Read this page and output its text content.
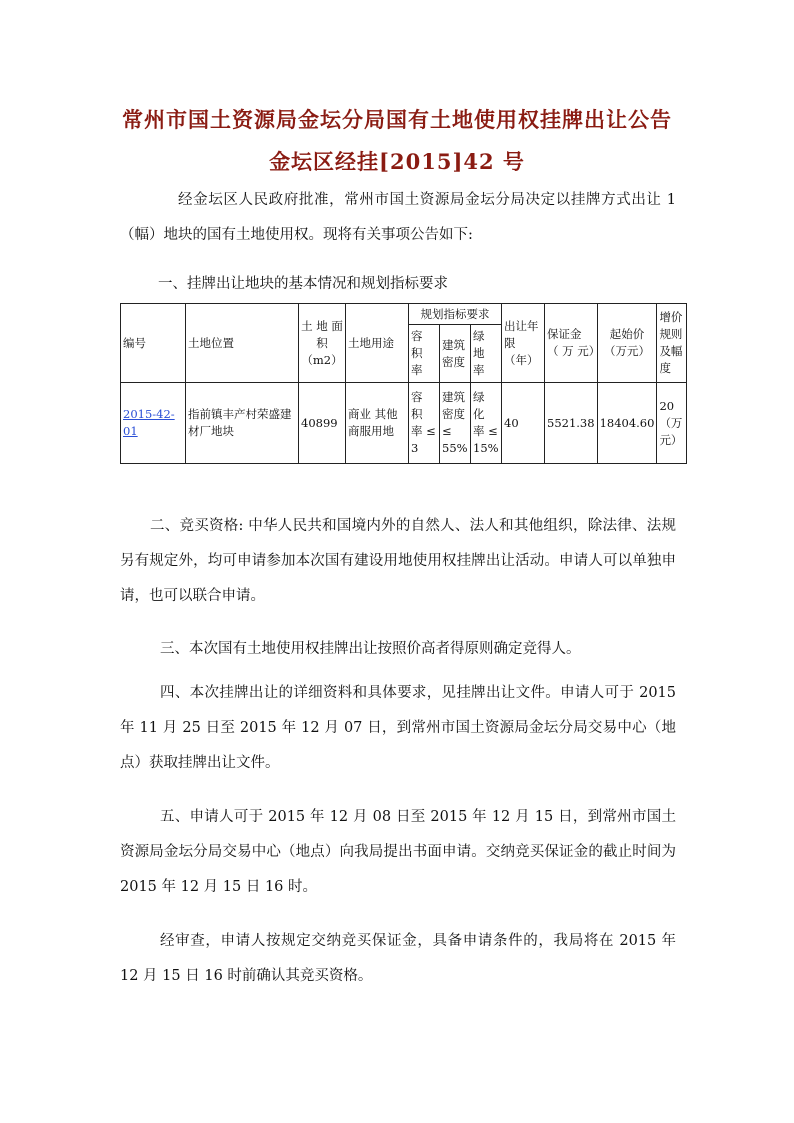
常州市国土资源局金坛分局国有土地使用权挂牌出让公告
金坛区经挂[2015]42 号
经金坛区人民政府批准，常州市国土资源局金坛分局决定以挂牌方式出让 1（幅）地块的国有土地使用权。现将有关事项公告如下:
一、挂牌出让地块的基本情况和规划指标要求
编号	土地位置	土 地 面 积 （m2）	土地用途	规划指标要求			出让年限 （年）	保证金 （ 万 元）	起始价 （万元）	增价规则及幅度
				容 积 率	建筑密度	绿 地 率				
2015-42-01	指前镇丰产村荣盛建材厂地块	40899	商业 其他商服用地	容 积 率 ≤ 3	建筑密度 ≤ 55%	绿 化 率 ≤ 15%	40	5521.38	18404.60	20 （万元）
二、竞买资格: 中华人民共和国境内外的自然人、法人和其他组织，除法律、法规另有规定外，均可申请参加本次国有建设用地使用权挂牌出让活动。申请人可以单独申请，也可以联合申请。
三、本次国有土地使用权挂牌出让按照价高者得原则确定竞得人。
四、本次挂牌出让的详细资料和具体要求，见挂牌出让文件。申请人可于 2015 年 11 月 25 日至 2015 年 12 月 07 日，到常州市国土资源局金坛分局交易中心（地点）获取挂牌出让文件。
五、申请人可于 2015 年 12 月 08 日至 2015 年 12 月 15 日，到常州市国土资源局金坛分局交易中心（地点）向我局提出书面申请。交纳竞买保证金的截止时间为 2015 年 12 月 15 日 16 时。
经审查，申请人按规定交纳竞买保证金，具备申请条件的，我局将在 2015 年 12 月 15 日 16 时前确认其竞买资格。
